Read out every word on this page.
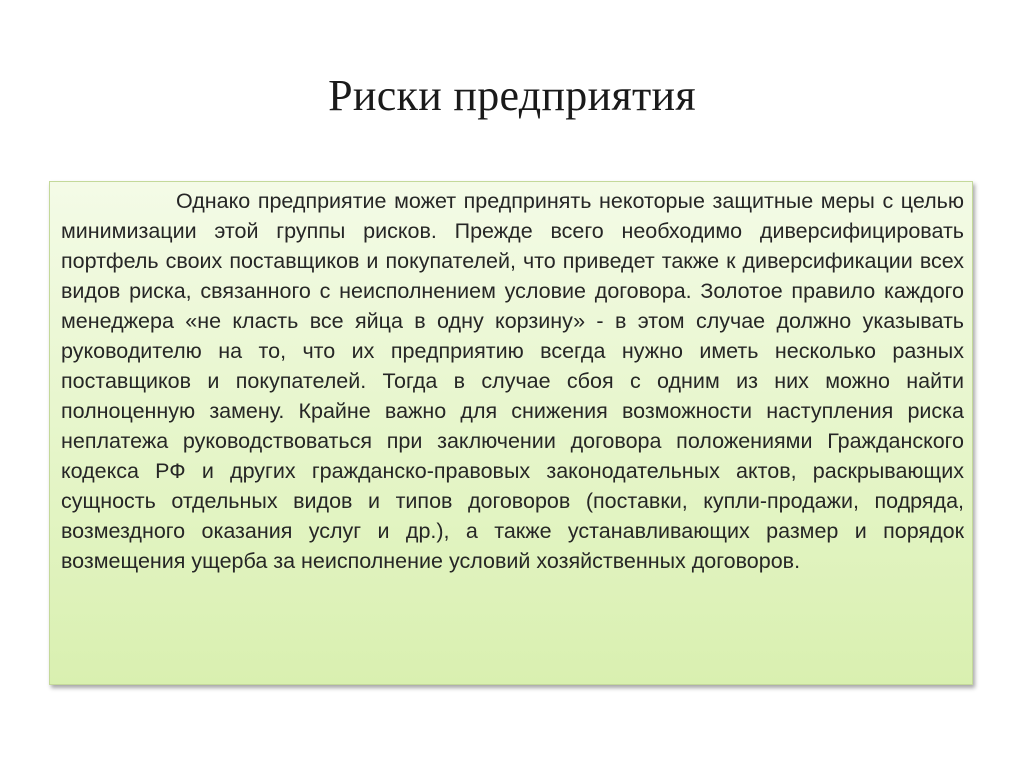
Риски предприятия

Однако предприятие может предпринять некоторые защитные меры с целью минимизации этой группы рисков. Прежде всего необходимо диверсифицировать портфель своих поставщиков и покупателей, что приведет также к диверсификации всех видов риска, связанного с неисполнением условие договора. Золотое правило каждого менеджера «не класть все яйца в одну корзину» - в этом случае должно указывать руководителю на то, что их предприятию всегда нужно иметь несколько разных поставщиков и покупателей. Тогда в случае сбоя с одним из них можно найти полноценную замену. Крайне важно для снижения возможности наступления риска неплатежа руководствоваться при заключении договора положениями Гражданского кодекса РФ и других гражданско-правовых законодательных актов, раскрывающих сущность отдельных видов и типов договоров (поставки, купли-продажи, подряда, возмездного оказания услуг и др.), а также устанавливающих размер и порядок возмещения ущерба за неисполнение условий хозяйственных договоров.
